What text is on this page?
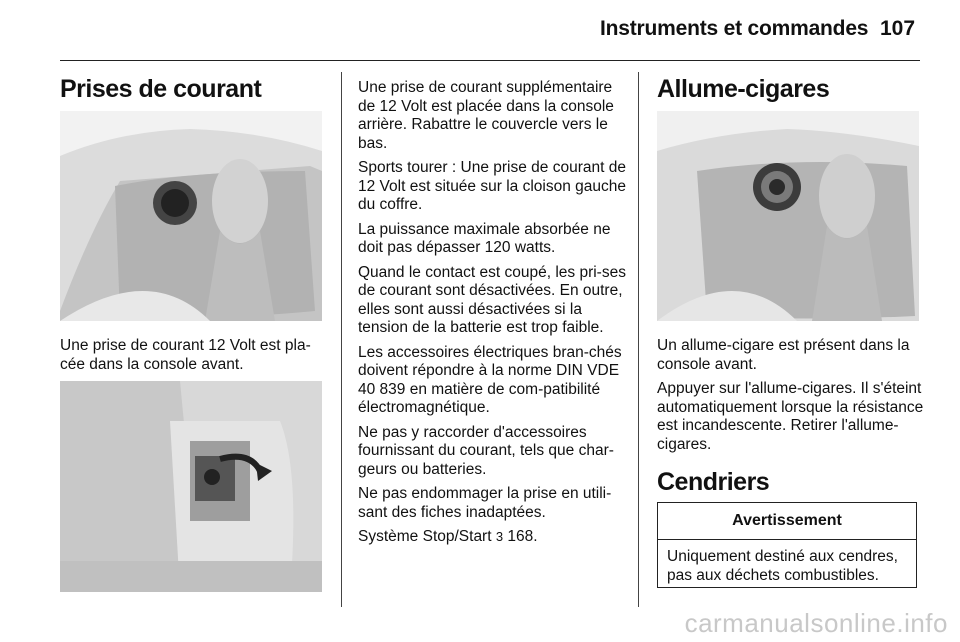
Instruments et commandes 107
Prises de courant

Une prise de courant 12 Volt est pla-cée dans la console avant.

Une prise de courant supplémentaire de 12 Volt est placée dans la console arrière. Rabattre le couvercle vers le bas.

Sports tourer : Une prise de courant de 12 Volt est située sur la cloison gauche du coffre.

La puissance maximale absorbée ne doit pas dépasser 120 watts.

Quand le contact est coupé, les pri-ses de courant sont désactivées. En outre, elles sont aussi désactivées si la tension de la batterie est trop faible.

Les accessoires électriques bran-chés doivent répondre à la norme DIN VDE 40 839 en matière de com-patibilité électromagnétique.

Ne pas y raccorder d'accessoires fournissant du courant, tels que char-geurs ou batteries.

Ne pas endommager la prise en utili-sant des fiches inadaptées.

Système Stop/Start 3 168.

Allume-cigares

Un allume-cigare est présent dans la console avant.

Appuyer sur l'allume-cigares. Il s'éteint automatiquement lorsque la résistance est incandescente. Retirer l'allume-cigares.

Cendriers
Avertissement
Uniquement destiné aux cendres, pas aux déchets combustibles.
carmanualsonline.info
